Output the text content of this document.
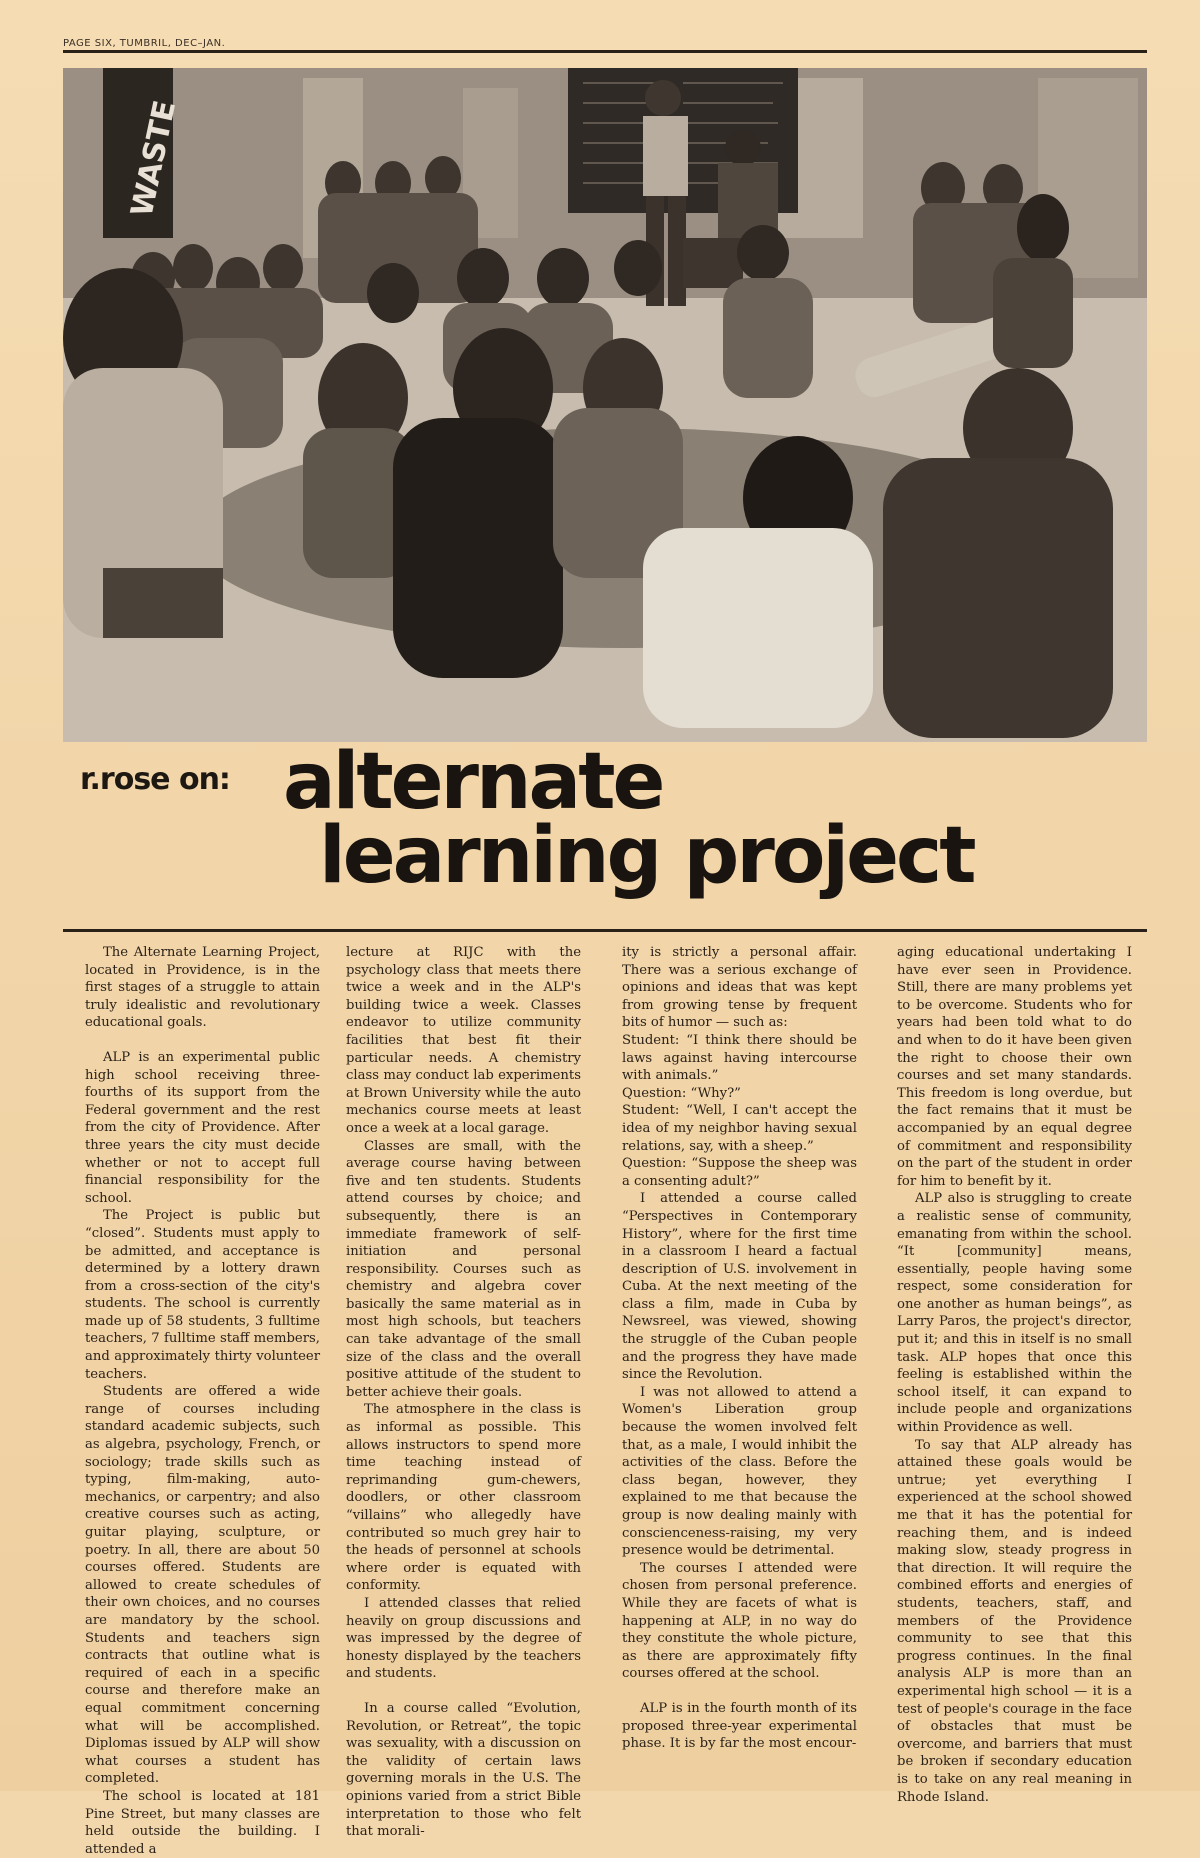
PAGE SIX, TUMBRIL, DEC–JAN.
WASTE
r.rose on: alternate

learning project

The Alternate Learning Project, located in Providence, is in the first stages of a struggle to attain truly idealistic and revolutionary educational goals.

ALP is an experimental public high school receiving three-fourths of its support from the Federal government and the rest from the city of Providence. After three years the city must decide whether or not to accept full financial responsibility for the school.

The Project is public but “closed”. Students must apply to be admitted, and acceptance is determined by a lottery drawn from a cross-section of the city's students. The school is currently made up of 58 students, 3 fulltime teachers, 7 fulltime staff members, and approximately thirty volunteer teachers.

Students are offered a wide range of courses including standard academic subjects, such as algebra, psychology, French, or sociology; trade skills such as typing, film-making, auto-mechanics, or carpentry; and also creative courses such as acting, guitar playing, sculpture, or poetry. In all, there are about 50 courses offered. Students are allowed to create schedules of their own choices, and no courses are mandatory by the school. Students and teachers sign contracts that outline what is required of each in a specific course and therefore make an equal commitment concerning what will be accomplished. Diplomas issued by ALP will show what courses a student has completed.

The school is located at 181 Pine Street, but many classes are held outside the building. I attended a

lecture at RIJC with the psychology class that meets there twice a week and in the ALP's building twice a week. Classes endeavor to utilize community facilities that best fit their particular needs. A chemistry class may conduct lab experiments at Brown University while the auto mechanics course meets at least once a week at a local garage.

Classes are small, with the average course having between five and ten students. Students attend courses by choice; and subsequently, there is an immediate framework of self-initiation and personal responsibility. Courses such as chemistry and algebra cover basically the same material as in most high schools, but teachers can take advantage of the small size of the class and the overall positive attitude of the student to better achieve their goals.

The atmosphere in the class is as informal as possible. This allows instructors to spend more time teaching instead of reprimanding gum-chewers, doodlers, or other classroom “villains” who allegedly have contributed so much grey hair to the heads of personnel at schools where order is equated with conformity.

I attended classes that relied heavily on group discussions and was impressed by the degree of honesty displayed by the teachers and students.

In a course called “Evolution, Revolution, or Retreat”, the topic was sexuality, with a discussion on the validity of certain laws governing morals in the U.S. The opinions varied from a strict Bible interpretation to those who felt that morali-

ity is strictly a personal affair. There was a serious exchange of opinions and ideas that was kept from growing tense by frequent bits of humor — such as:

Student: “I think there should be laws against having intercourse with animals.”

Question: “Why?”

Student: “Well, I can't accept the idea of my neighbor having sexual relations, say, with a sheep.”

Question: “Suppose the sheep was a consenting adult?”

I attended a course called “Perspectives in Contemporary History”, where for the first time in a classroom I heard a factual description of U.S. involvement in Cuba. At the next meeting of the class a film, made in Cuba by Newsreel, was viewed, showing the struggle of the Cuban people and the progress they have made since the Revolution.

I was not allowed to attend a Women's Liberation group because the women involved felt that, as a male, I would inhibit the activities of the class. Before the class began, however, they explained to me that because the group is now dealing mainly with conscienceness-raising, my very presence would be detrimental.

The courses I attended were chosen from personal preference. While they are facets of what is happening at ALP, in no way do they constitute the whole picture, as there are approximately fifty courses offered at the school.

ALP is in the fourth month of its proposed three-year experimental phase. It is by far the most encour-

aging educational undertaking I have ever seen in Providence. Still, there are many problems yet to be overcome. Students who for years had been told what to do and when to do it have been given the right to choose their own courses and set many standards. This freedom is long overdue, but the fact remains that it must be accompanied by an equal degree of commitment and responsibility on the part of the student in order for him to benefit by it.

ALP also is struggling to create a realistic sense of community, emanating from within the school. “It [community] means, essentially, people having some respect, some consideration for one another as human beings”, as Larry Paros, the project's director, put it; and this in itself is no small task. ALP hopes that once this feeling is established within the school itself, it can expand to include people and organizations within Providence as well.

To say that ALP already has attained these goals would be untrue; yet everything I experienced at the school showed me that it has the potential for reaching them, and is indeed making slow, steady progress in that direction. It will require the combined efforts and energies of students, teachers, staff, and members of the Providence community to see that this progress continues. In the final analysis ALP is more than an experimental high school — it is a test of people's courage in the face of obstacles that must be overcome, and barriers that must be broken if secondary education is to take on any real meaning in Rhode Island.
